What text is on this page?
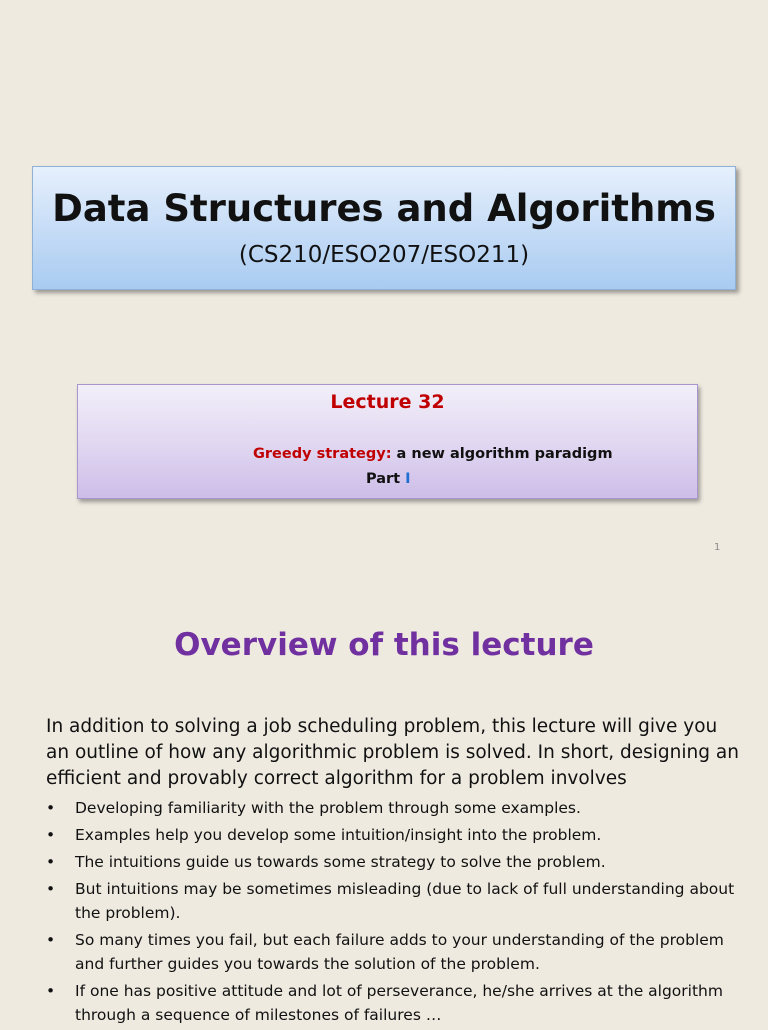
Data Structures and Algorithms
(CS210/ESO207/ESO211)
Lecture 32
Greedy strategy: a new algorithm paradigm
Part I
1
Overview of this lecture
In addition to solving a job scheduling problem, this lecture will give you an outline of how any algorithmic problem is solved. In short, designing an efficient and provably correct algorithm for a problem involves
• Developing familiarity with the problem through some examples.
• Examples help you develop some intuition/insight into the problem.
• The intuitions guide us towards some strategy to solve the problem.
• But intuitions may be sometimes misleading (due to lack of full understanding about the problem).
• So many times you fail, but each failure adds to your understanding of the problem and further guides you towards the solution of the problem.
• If one has positive attitude and lot of perseverance, he/she arrives at the algorithm through a sequence of milestones of failures …
